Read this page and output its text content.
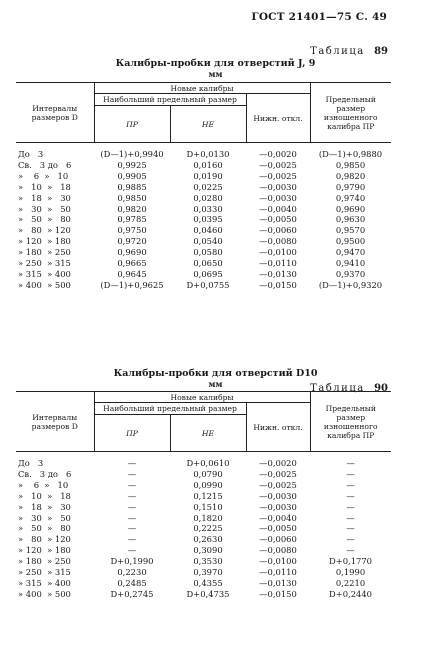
ГОСТ 21401—75 С. 49
Таблица 89
Калибры-пробки для отверстий J, 9
мм
Интервалы размеров D	Новые калибры			Предельный размер изношенного калибра ПР
	Наибольший предельный размер		Нижн. откл.	
	ПР	НЕ		
До   3	(D—1)+0,9940	D+0,0130	—0,0020	(D—1)+0,9880
Св.   3 до   6	0,9925	0,0160	—0,0025	0,9850
»    6  »   10	0,9905	0,0190	—0,0025	0,9820
»   10  »   18	0,9885	0,0225	—0,0030	0,9790
»   18  »   30	0,9850	0,0280	—0,0030	0,9740
»   30  »   50	0,9820	0,0330	—0,0040	0,9690
»   50  »   80	0,9785	0,0395	—0,0050	0,9630
»   80  » 120	0,9750	0,0460	—0,0060	0,9570
» 120  » 180	0,9720	0,0540	—0,0080	0,9500
» 180  » 250	0,9690	0,0580	—0,0100	0,9470
» 250  » 315	0,9665	0,0650	—0,0110	0,9410
» 315  » 400	0,9645	0,0695	—0,0130	0,9370
» 400  » 500	(D—1)+0,9625	D+0,0755	—0,0150	(D—1)+0,9320
Таблица 90
Калибры-пробки для отверстий D10
мм
Интервалы размеров D	Новые калибры			Предельный размер изношенного калибра ПР
	Наибольший предельный размер		Нижн. откл.	
	ПР	НЕ		
До   3	—	D+0,0610	—0,0020	—
Св.   3 до   6	—	0,0790	—0,0025	—
»    6  »   10	—	0,0990	—0,0025	—
»   10  »   18	—	0,1215	—0,0030	—
»   18  »   30	—	0,1510	—0,0030	—
»   30  »   50	—	0,1820	—0,0040	—
»   50  »   80	—	0,2225	—0,0050	—
»   80  » 120	—	0,2630	—0,0060	—
» 120  » 180	—	0,3090	—0,0080	—
» 180  » 250	D+0,1990	0,3530	—0,0100	D+0,1770
» 250  » 315	0,2230	0,3970	—0,0110	0,1990
» 315  » 400	0,2485	0,4355	—0,0130	0,2210
» 400  » 500	D+0,2745	D+0,4735	—0,0150	D+0,2440
